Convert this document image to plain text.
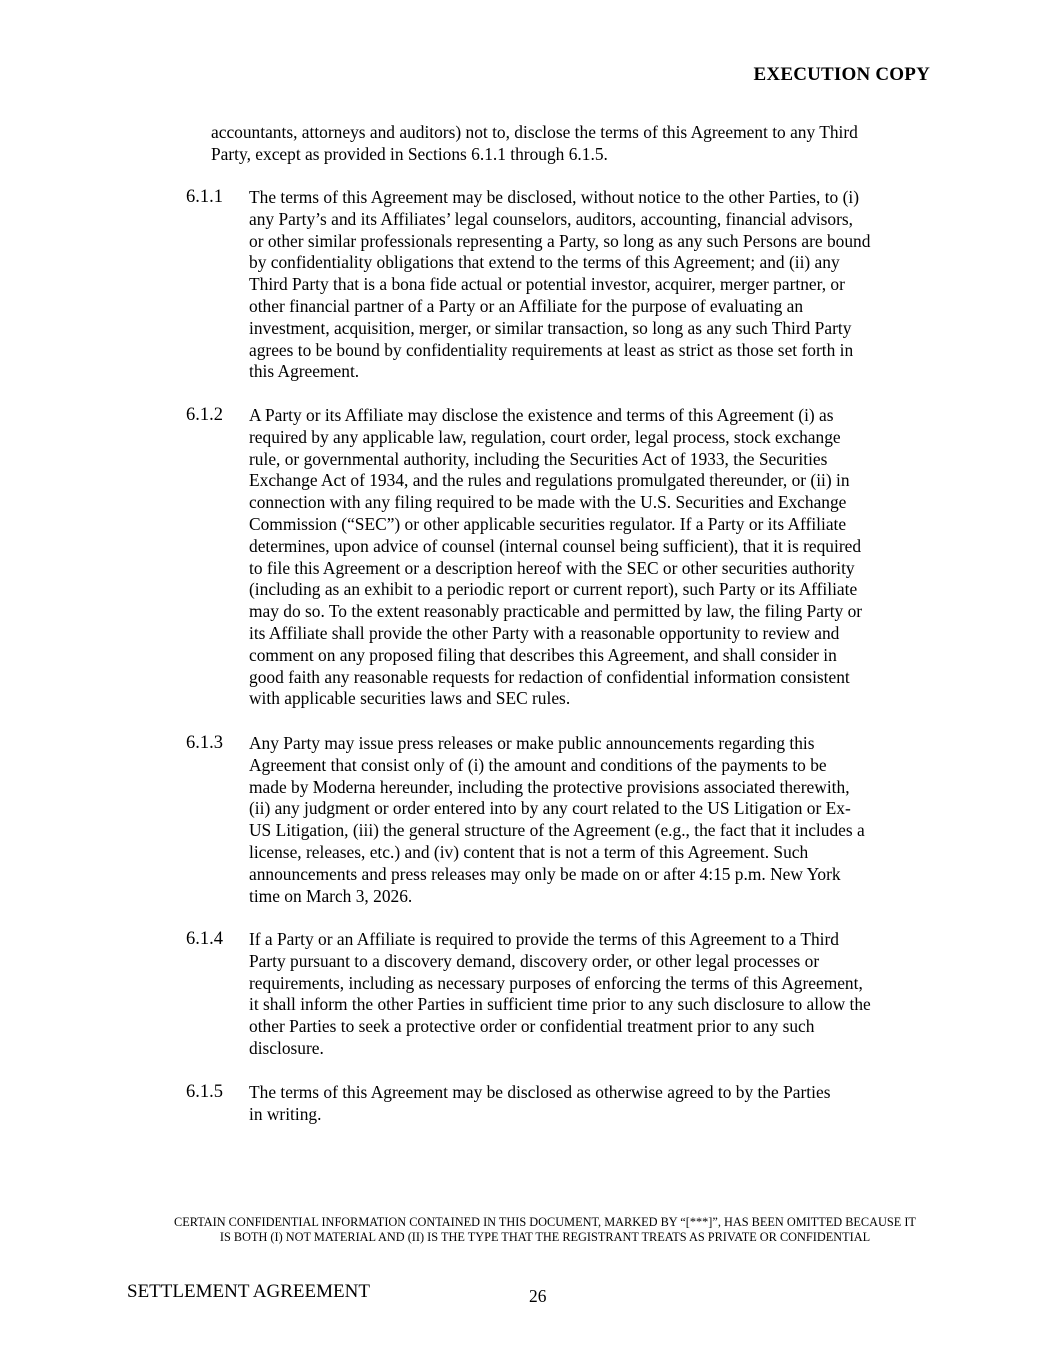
EXECUTION COPY
accountants, attorneys and auditors) not to, disclose the terms of this Agreement to any Third
Party, except as provided in Sections 6.1.1 through 6.1.5.
6.1.1 The terms of this Agreement may be disclosed, without notice to the other Parties, to (i)
any Party’s and its Affiliates’ legal counselors, auditors, accounting, financial advisors,
or other similar professionals representing a Party, so long as any such Persons are bound
by confidentiality obligations that extend to the terms of this Agreement; and (ii) any
Third Party that is a bona fide actual or potential investor, acquirer, merger partner, or
other financial partner of a Party or an Affiliate for the purpose of evaluating an
investment, acquisition, merger, or similar transaction, so long as any such Third Party
agrees to be bound by confidentiality requirements at least as strict as those set forth in
this Agreement.
6.1.2 A Party or its Affiliate may disclose the existence and terms of this Agreement (i) as
required by any applicable law, regulation, court order, legal process, stock exchange
rule, or governmental authority, including the Securities Act of 1933, the Securities
Exchange Act of 1934, and the rules and regulations promulgated thereunder, or (ii) in
connection with any filing required to be made with the U.S. Securities and Exchange
Commission (“SEC”) or other applicable securities regulator. If a Party or its Affiliate
determines, upon advice of counsel (internal counsel being sufficient), that it is required
to file this Agreement or a description hereof with the SEC or other securities authority
(including as an exhibit to a periodic report or current report), such Party or its Affiliate
may do so. To the extent reasonably practicable and permitted by law, the filing Party or
its Affiliate shall provide the other Party with a reasonable opportunity to review and
comment on any proposed filing that describes this Agreement, and shall consider in
good faith any reasonable requests for redaction of confidential information consistent
with applicable securities laws and SEC rules.
6.1.3 Any Party may issue press releases or make public announcements regarding this
Agreement that consist only of (i) the amount and conditions of the payments to be
made by Moderna hereunder, including the protective provisions associated therewith,
(ii) any judgment or order entered into by any court related to the US Litigation or Ex-
US Litigation, (iii) the general structure of the Agreement (e.g., the fact that it includes a
license, releases, etc.) and (iv) content that is not a term of this Agreement. Such
announcements and press releases may only be made on or after 4:15 p.m. New York
time on March 3, 2026.
6.1.4 If a Party or an Affiliate is required to provide the terms of this Agreement to a Third
Party pursuant to a discovery demand, discovery order, or other legal processes or
requirements, including as necessary purposes of enforcing the terms of this Agreement,
it shall inform the other Parties in sufficient time prior to any such disclosure to allow the
other Parties to seek a protective order or confidential treatment prior to any such
disclosure.
6.1.5 The terms of this Agreement may be disclosed as otherwise agreed to by the Parties
in writing.
CERTAIN CONFIDENTIAL INFORMATION CONTAINED IN THIS DOCUMENT, MARKED BY “[***]”, HAS BEEN OMITTED BECAUSE IT
IS BOTH (I) NOT MATERIAL AND (II) IS THE TYPE THAT THE REGISTRANT TREATS AS PRIVATE OR CONFIDENTIAL
SETTLEMENT AGREEMENT	26
